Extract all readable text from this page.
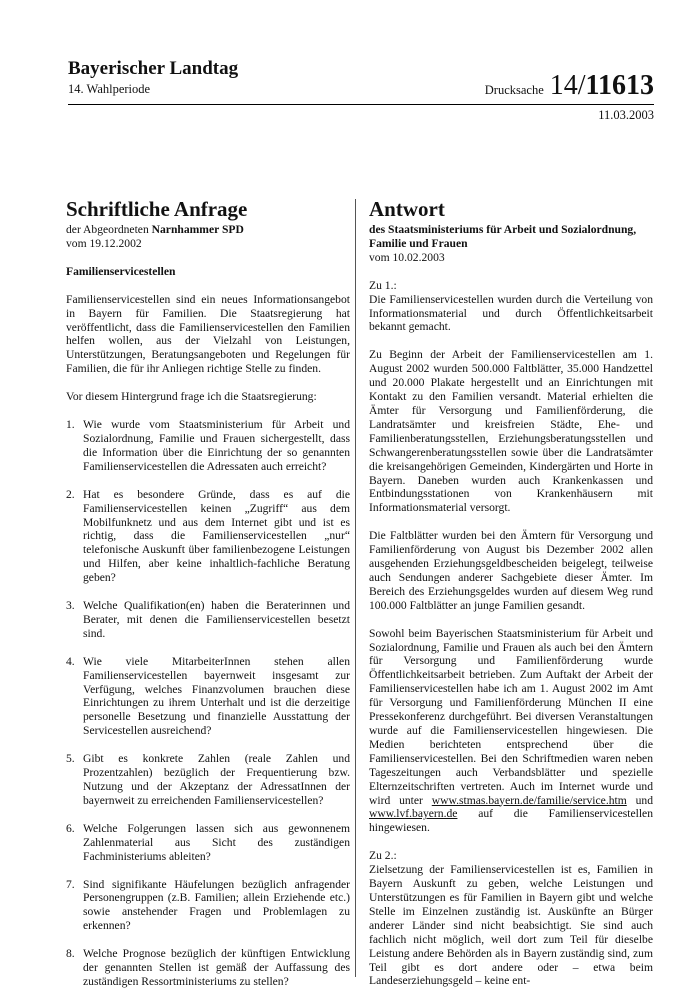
Bayerischer Landtag
14. Wahlperiode	Drucksache 14/11613
11.03.2003
Schriftliche Anfrage
der Abgeordneten Narnhammer SPD
vom 19.12.2002
Familienservicestellen

Familienservicestellen sind ein neues Informationsangebot in Bayern für Familien. Die Staatsregierung hat veröffentlicht, dass die Familienservicestellen den Familien helfen wollen, aus der Vielzahl von Leistungen, Unterstützungen, Beratungsangeboten und Regelungen für Familien, die für ihr Anliegen richtige Stelle zu finden.

Vor diesem Hintergrund frage ich die Staatsregierung:

1. Wie wurde vom Staatsministerium für Arbeit und Sozialordnung, Familie und Frauen sichergestellt, dass die Information über die Einrichtung der so genannten Familienservicestellen die Adressaten auch erreicht?
2. Hat es besondere Gründe, dass es auf die Familienservicestellen keinen „Zugriff“ aus dem Mobilfunknetz und aus dem Internet gibt und ist es richtig, dass die Familienservicestellen „nur“ telefonische Auskunft über familienbezogene Leistungen und Hilfen, aber keine inhaltlich-fachliche Beratung geben?
3. Welche Qualifikation(en) haben die Beraterinnen und Berater, mit denen die Familienservicestellen besetzt sind.
4. Wie viele MitarbeiterInnen stehen allen Familienservicestellen bayernweit insgesamt zur Verfügung, welches Finanzvolumen brauchen diese Einrichtungen zu ihrem Unterhalt und ist die derzeitige personelle Besetzung und finanzielle Ausstattung der Servicestellen ausreichend?
5. Gibt es konkrete Zahlen (reale Zahlen und Prozentzahlen) bezüglich der Frequentierung bzw. Nutzung und der Akzeptanz der AdressatInnen der bayernweit zu erreichenden Familienservicestellen?
6. Welche Folgerungen lassen sich aus gewonnenem Zahlenmaterial aus Sicht des zuständigen Fachministeriums ableiten?
7. Sind signifikante Häufelungen bezüglich anfragender Personengruppen (z.B. Familien; allein Erziehende etc.) sowie anstehender Fragen und Problemlagen zu erkennen?
8. Welche Prognose bezüglich der künftigen Entwicklung der genannten Stellen ist gemäß der Auffassung des zuständigen Ressortministeriums zu stellen?
Antwort
des Staatsministeriums für Arbeit und Sozialordnung, Familie und Frauen
vom 10.02.2003
Zu 1.:

Die Familienservicestellen wurden durch die Verteilung von Informationsmaterial und durch Öffentlichkeitsarbeit bekannt gemacht.

Zu Beginn der Arbeit der Familienservicestellen am 1. August 2002 wurden 500.000 Faltblätter, 35.000 Handzettel und 20.000 Plakate hergestellt und an Einrichtungen mit Kontakt zu den Familien versandt. Material erhielten die Ämter für Versorgung und Familienförderung, die Landratsämter und kreisfreien Städte, Ehe- und Familienberatungsstellen, Erziehungsberatungsstellen und Schwangerenberatungsstellen sowie über die Landratsämter die kreisangehörigen Gemeinden, Kindergärten und Horte in Bayern. Daneben wurden auch Krankenkassen und Entbindungsstationen von Krankenhäusern mit Informationsmaterial versorgt.

Die Faltblätter wurden bei den Ämtern für Versorgung und Familienförderung von August bis Dezember 2002 allen ausgehenden Erziehungsgeldbescheiden beigelegt, teilweise auch Sendungen anderer Sachgebiete dieser Ämter. Im Bereich des Erziehungsgeldes wurden auf diesem Weg rund 100.000 Faltblätter an junge Familien gesandt.

Sowohl beim Bayerischen Staatsministerium für Arbeit und Sozialordnung, Familie und Frauen als auch bei den Ämtern für Versorgung und Familienförderung wurde Öffentlichkeitsarbeit betrieben. Zum Auftakt der Arbeit der Familienservicestellen habe ich am 1. August 2002 im Amt für Versorgung und Familienförderung München II eine Pressekonferenz durchgeführt. Bei diversen Veranstaltungen wurde auf die Familienservicestellen hingewiesen. Die Medien berichteten entsprechend über die Familienservicestellen. Bei den Schriftmedien waren neben Tageszeitungen auch Verbandsblätter und spezielle Elternzeitschriften vertreten. Auch im Internet wurde und wird unter www.stmas.bayern.de/familie/service.htm und www.lvf.bayern.de auf die Familienservicestellen hingewiesen.

Zu 2.:

Zielsetzung der Familienservicestellen ist es, Familien in Bayern Auskunft zu geben, welche Leistungen und Unterstützungen es für Familien in Bayern gibt und welche Stelle im Einzelnen zuständig ist. Auskünfte an Bürger anderer Länder sind nicht beabsichtigt. Sie sind auch fachlich nicht möglich, weil dort zum Teil für dieselbe Leistung andere Behörden als in Bayern zuständig sind, zum Teil gibt es dort andere oder – etwa beim Landeserziehungsgeld – keine ent-
